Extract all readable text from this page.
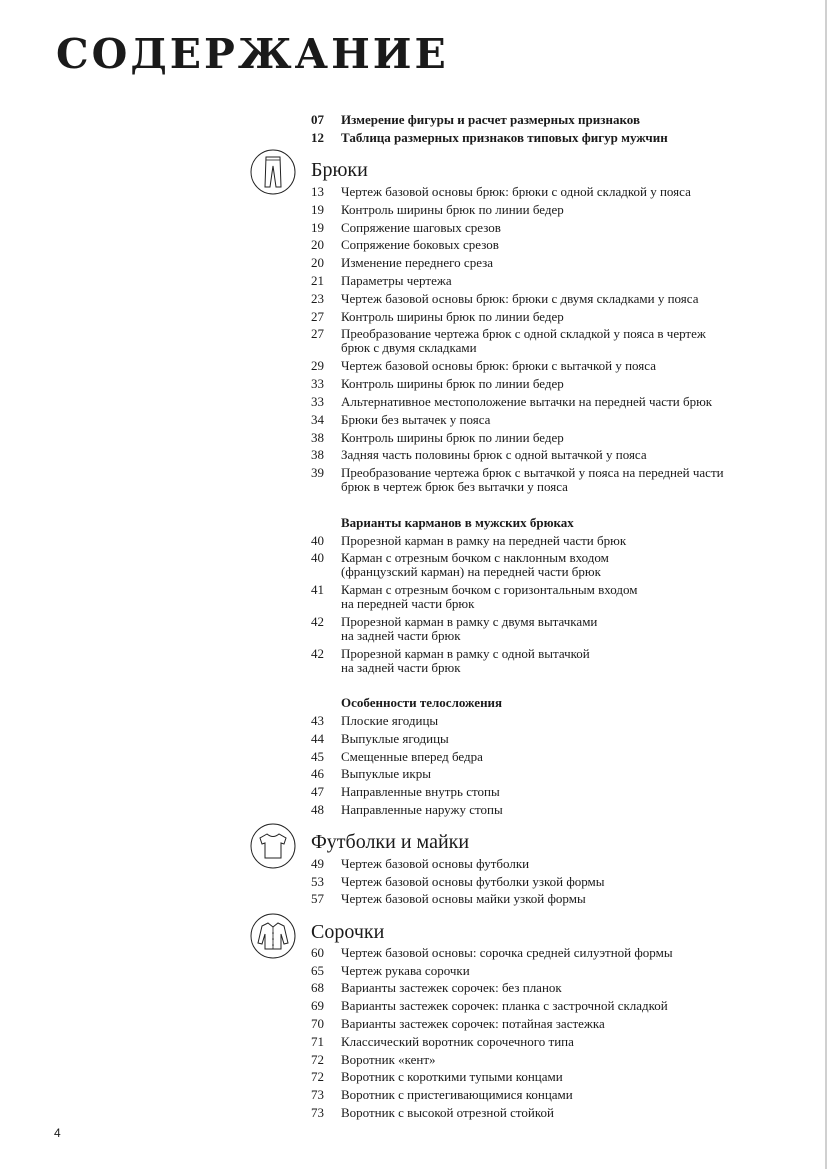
СОДЕРЖАНИЕ
07	Измерение фигуры и расчет размерных признаков
12	Таблица размерных признаков типовых фигур мужчин
Брюки
13	Чертеж базовой основы брюк: брюки с одной складкой у пояса
19	Контроль ширины брюк по линии бедер
19	Сопряжение шаговых срезов
20	Сопряжение боковых срезов
20	Изменение переднего среза
21	Параметры чертежа
23	Чертеж базовой основы брюк: брюки с двумя складками у пояса
27	Контроль ширины брюк по линии бедер
27	Преобразование чертежа брюк с одной складкой у пояса в чертеж
брюк с двумя складками
29	Чертеж базовой основы брюк: брюки с вытачкой у пояса
33	Контроль ширины брюк по линии бедер
33	Альтернативное местоположение вытачки на передней части брюк
34	Брюки без вытачек у пояса
38	Контроль ширины брюк по линии бедер
38	Задняя часть половины брюк с одной вытачкой у пояса
39	Преобразование чертежа брюк с вытачкой у пояса на передней части
брюк в чертеж брюк без вытачки у пояса
Варианты карманов в мужских брюках
40	Прорезной карман в рамку на передней части брюк
40	Карман с отрезным бочком с наклонным входом
(французский карман) на передней части брюк
41	Карман с отрезным бочком с горизонтальным входом
на передней части брюк
42	Прорезной карман в рамку с двумя вытачками
на задней части брюк
42	Прорезной карман в рамку с одной вытачкой
на задней части брюк
Особенности телосложения
43	Плоские ягодицы
44	Выпуклые ягодицы
45	Смещенные вперед бедра
46	Выпуклые икры
47	Направленные внутрь стопы
48	Направленные наружу стопы
Футболки и майки
49	Чертеж базовой основы футболки
53	Чертеж базовой основы футболки узкой формы
57	Чертеж базовой основы майки узкой формы
Сорочки
60	Чертеж базовой основы: сорочка средней силуэтной формы
65	Чертеж рукава сорочки
68	Варианты застежек сорочек: без планок
69	Варианты застежек сорочек: планка с застрочной складкой
70	Варианты застежек сорочек: потайная застежка
71	Классический воротник сорочечного типа
72	Воротник «кент»
72	Воротник с короткими тупыми концами
73	Воротник с пристегивающимися концами
73	Воротник с высокой отрезной стойкой
4
